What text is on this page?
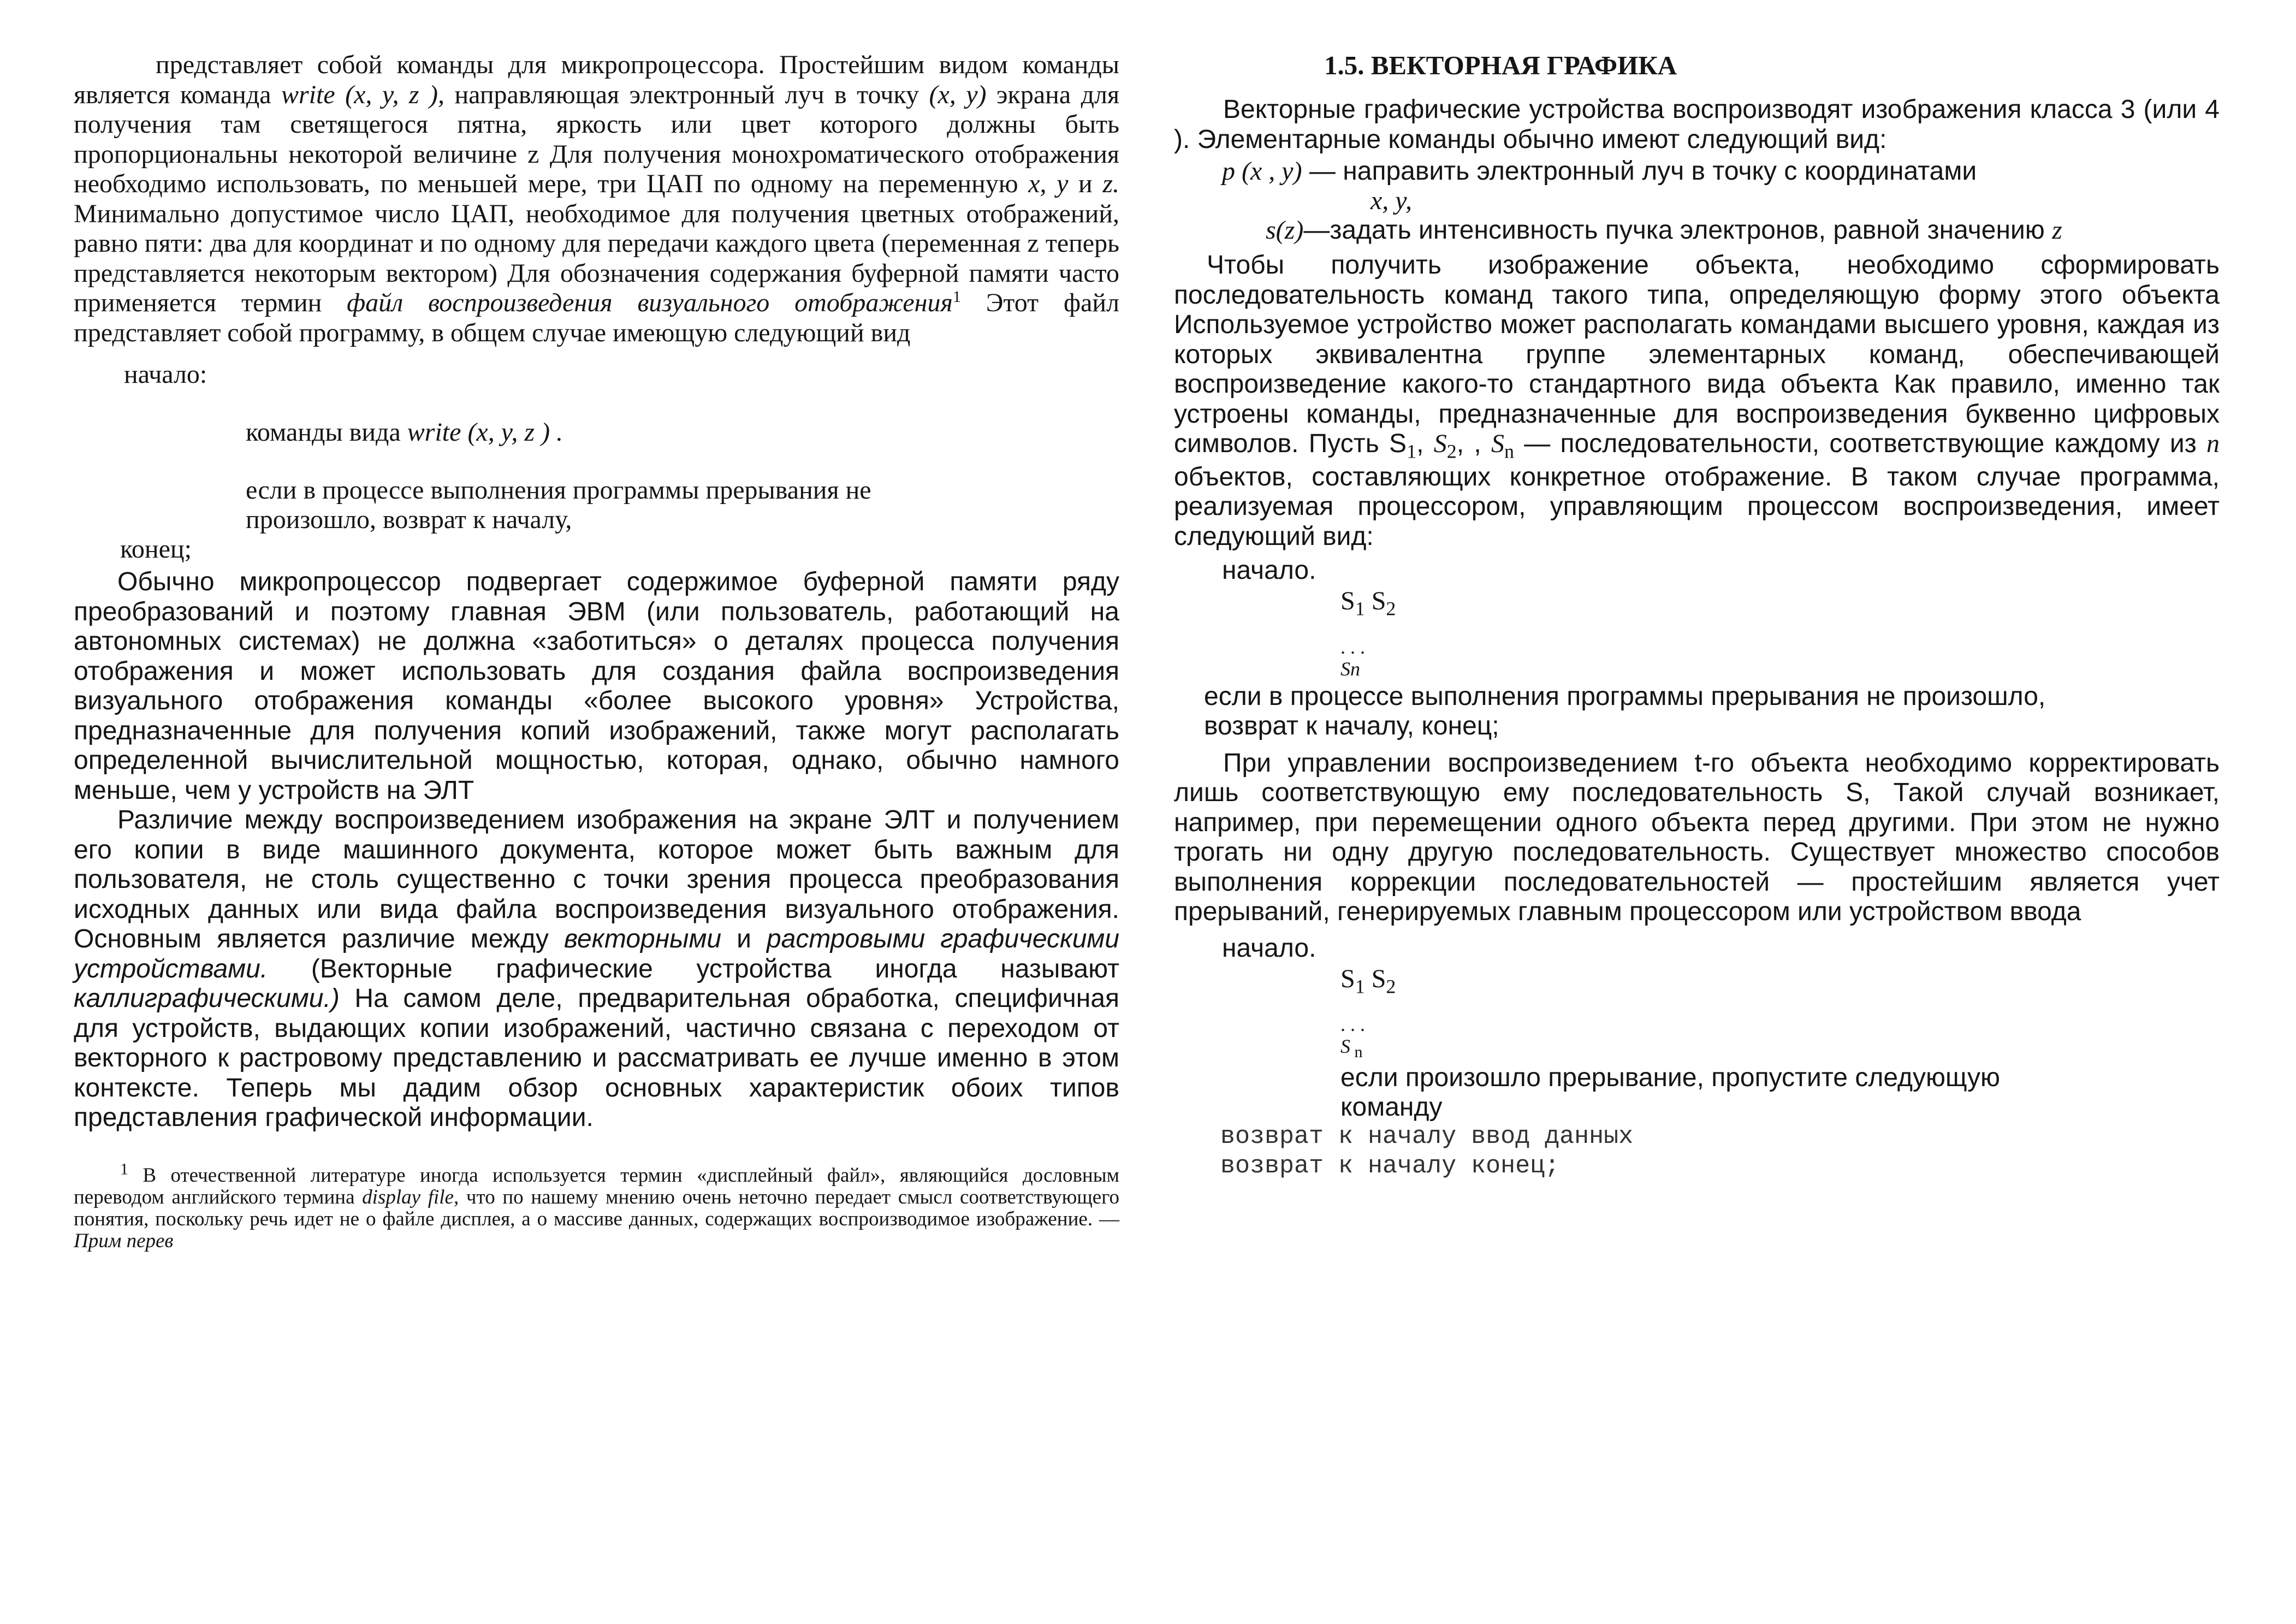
представляет собой команды для микропроцессора. Простейшим видом команды является команда write (x, y, z ), направляющая электронный луч в точку (x, y) экрана для получения там светящегося пятна, яркость или цвет которого должны быть пропорциональны некоторой величине z Для получения монохроматического отображения необходимо использовать, по меньшей мере, три ЦАП по одному на переменную x, y и z. Минимально допустимое число ЦАП, необходимое для получения цветных отображений, равно пяти: два для координат и по одному для передачи каждого цвета (переменная z теперь представляется некоторым вектором) Для обозначения содержания буферной памяти часто применяется термин файл воспроизведения визуального отображения$^1$ Этот файл представляет собой программу, в общем случае имеющую следующий вид

начало:
команды вида write (x, y, z ) .
если в процессе выполнения программы прерывания не
произошло, возврат к началу,
конец;

Обычно микропроцессор подвергает содержимое буферной памяти ряду преобразований и поэтому главная ЭВМ (или пользователь, работающий на автономных системах) не должна «заботиться» о деталях процесса получения отображения и может использовать для создания файла воспроизведения визуального отображения команды «более высокого уровня» Устройства, предназначенные для получения копий изображений, также могут располагать определенной вычислительной мощностью, которая, однако, обычно намного меньше, чем у устройств на ЭЛТ

Различие между воспроизведением изображения на экране ЭЛТ и получением его копии в виде машинного документа, которое может быть важным для пользователя, не столь существенно с точки зрения процесса преобразования исходных данных или вида файла воспроизведения визуального отображения. Основным является различие между векторными и растровыми графическими устройствами. (Векторные графические устройства иногда называют каллиграфическими.) На самом деле, предварительная обработка, специфичная для устройств, выдающих копии изображений, частично связана с переходом от векторного к растровому представлению и рассматривать ее лучше именно в этом контексте. Теперь мы дадим обзор основных характеристик обоих типов представления графической информации.

$^1$ В отечественной литературе иногда используется термин «дисплейный файл», являющийся дословным переводом английского термина display file, что по нашему мнению очень неточно передает смысл соответствующего понятия, поскольку речь идет не о файле дисплея, а о массиве данных, содержащих воспроизводимое изображение. — Прим перев

1.5. ВЕКТОРНАЯ ГРАФИКА

Векторные графические устройства воспроизводят изображения класса 3 (или 4 ). Элементарные команды обычно имеют следующий вид:

p (x , y) — направить электронный луч в точку с координатами
x, y,
s(z)—задать интенсивность пучка электронов, равной значению z

Чтобы получить изображение объекта, необходимо сформировать последовательность команд такого типа, определяющую форму этого объекта Используемое устройство может располагать командами высшего уровня, каждая из которых эквивалентна группе элементарных команд, обеспечивающей воспроизведение какого-то стандартного вида объекта Как правило, именно так устроены команды, предназначенные для воспроизведения буквенно цифровых символов. Пусть $S_1$, $S_2$, , $S_n$ — последовательности, соответствующие каждому из n объектов, составляющих конкретное отображение. В таком случае программа, реализуемая процессором, управляющим процессом воспроизведения, имеет следующий вид:

начало.
$S_1$ $S_2$
. . .
Sn
если в процессе выполнения программы прерывания не произошло,
возврат к началу, конец;

При управлении воспроизведением t-го объекта необходимо корректировать лишь соответствующую ему последовательность S, Такой случай возникает, например, при перемещении одного объекта перед другими. При этом не нужно трогать ни одну другую последовательность. Существует множество способов выполнения коррекции последовательностей — простейшим является учет прерываний, генерируемых главным процессором или устройством ввода

начало.
$S_1$ $S_2$
. . .
S $_n$
если произошло прерывание, пропустите следующую
команду
возврат к началу ввод данных
возврат к началу конец;
